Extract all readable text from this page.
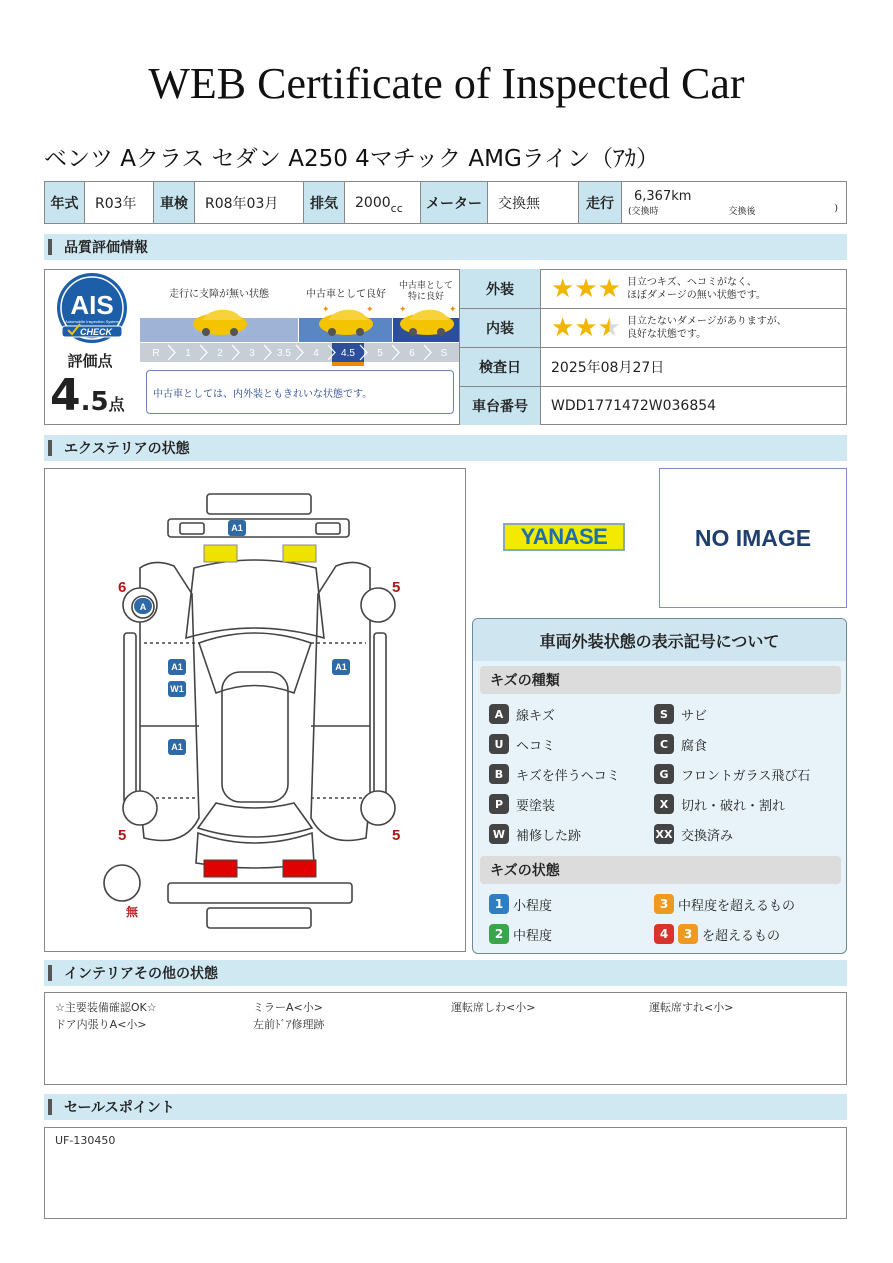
WEB Certificate of Inspected Car
ベンツ Aクラス セダン A250 4マチック AMGライン（ｱｶ）
年式	R03年	車検	R08年03月	排気	2000 cc	メーター	交換無	走行	6,367km
(交換時	交換後	)
品質評価情報
AIS
Automobile Inspection System
CHECK
評価点
4.5点
走行に支障が無い状態	中古車として良好
中古車として
特に良好
✦	✦	✦	✦
R	1	2	3 3.5 4 4.5 5	6	S
中古車としては、内外装ともきれいな状態です。
外装	★ ★ ★ 目立つキズ、ヘコミがなく、
ほぼダメージの無い状態です。
内装	★ ★ ★ 目立たないダメージがありますが、
良好な状態です。
検査日	2025年08月27日
車台番号	WDD1771472W036854
エクステリアの状態
6	5
5	5
無
A1
A
A1
W1
A1
A1
YANASE	NO IMAGE
車両外装状態の表示記号について
キズの種類
キズの状態
1 小程度	3 中程度を超えるもの
2 中程度	4	3 を超えるもの
A 線キズ	S	サビ
U ヘコミ	C 腐食
B キズを伴うヘコミ	G フロントガラス飛び石
P 要塗装	X 切れ・破れ・割れ
W 補修した跡	XX 交換済み
インテリアその他の状態
☆主要装備確認OK☆	ミラーA<小>	運転席しわ<小>	運転席すれ<小>
ドア内張りA<小>	左前ﾄﾞｱ修理跡
セールスポイント
UF-130450
